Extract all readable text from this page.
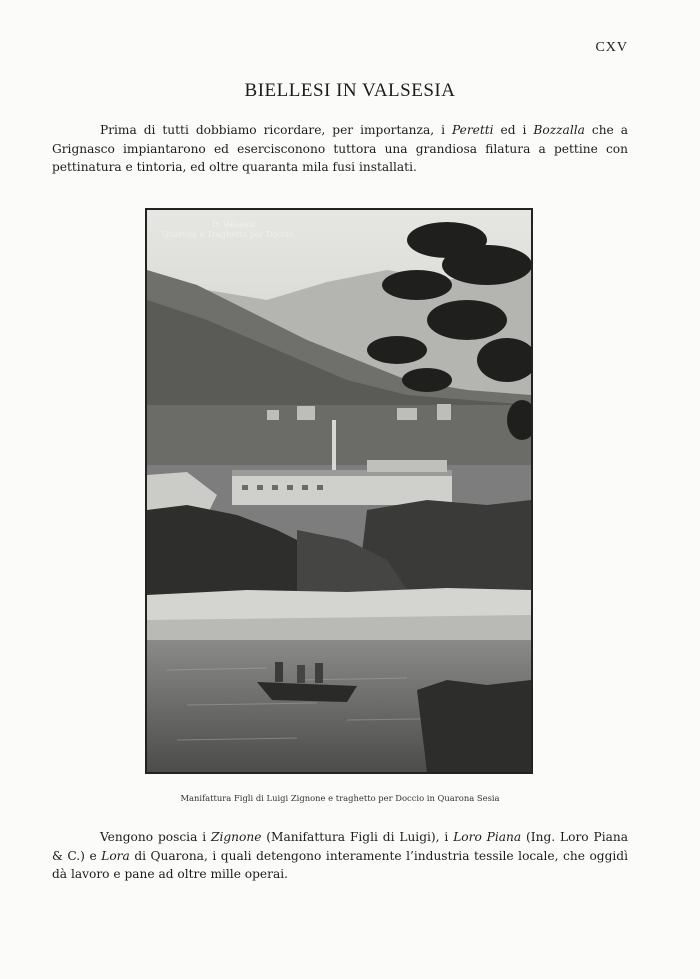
CXV
BIELLESI IN VALSESIA

Prima di tutti dobbiamo ricordare, per importanza, i Peretti ed i Bozzalla che a Grignasco impiantarono ed esercisconono tuttora una grandiosa filatura a pettine con pettinatura e tintoria, ed oltre quaranta mila fusi installati.

In Valsesia
Quarona e Traghetto per Doccio
Manifattura Figli di Luigi Zignone e traghetto per Doccio in Quarona Sesia

Vengono poscia i Zignone (Manifattura Figli di Luigi), i Loro Piana (Ing. Loro Piana & C.) e Lora di Quarona, i quali detengono interamente l’industria tessile locale, che oggidì dà lavoro e pane ad oltre mille operai.
